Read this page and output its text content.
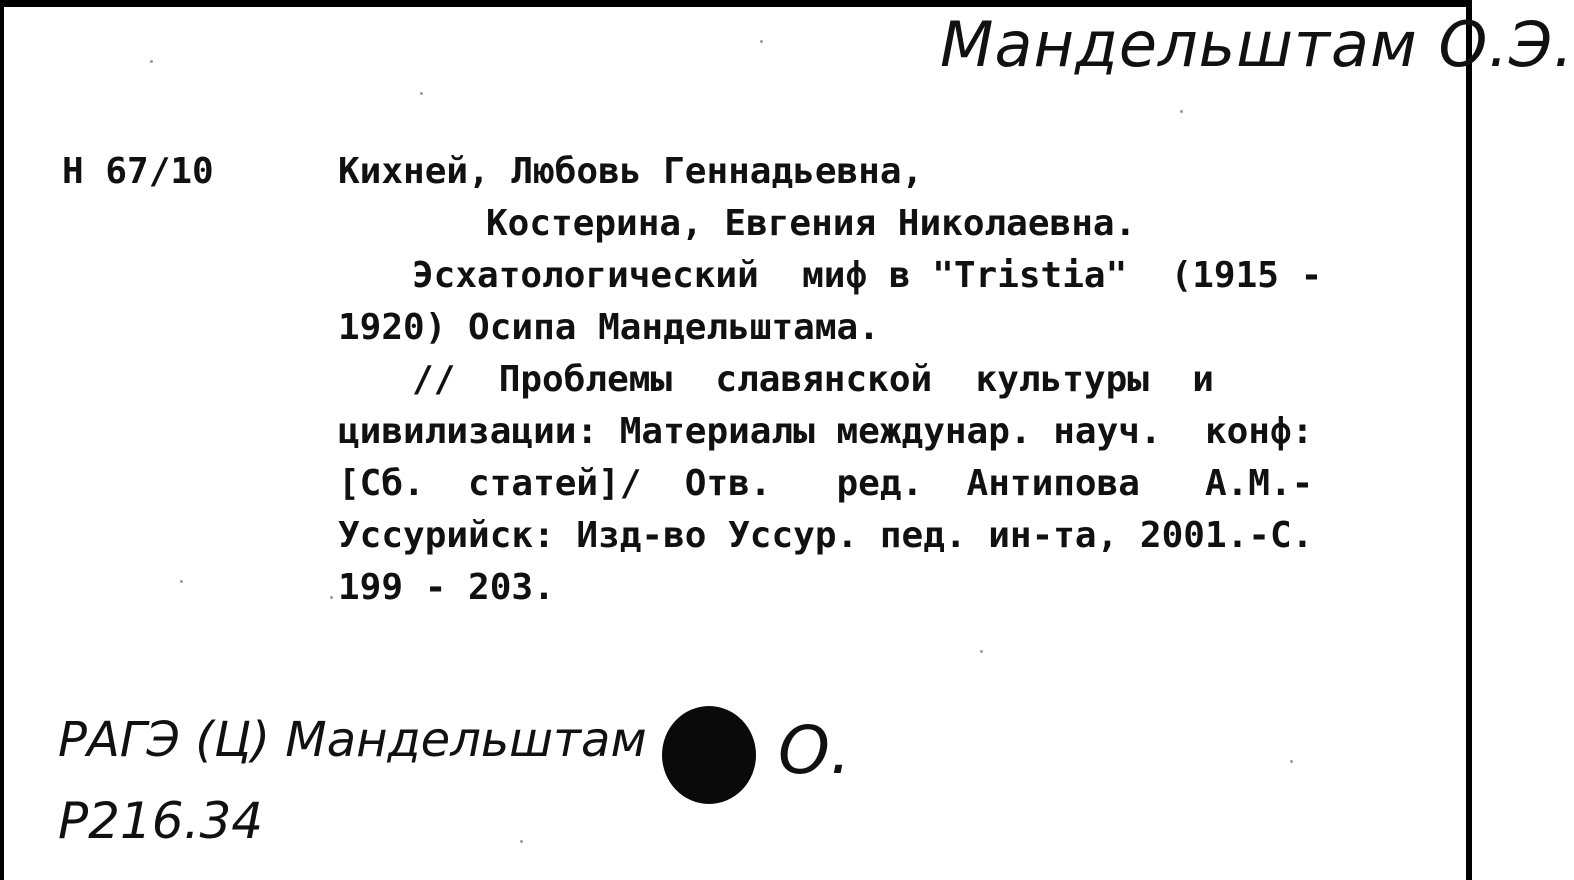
Мандельштам О.Э.
Н 67/10	Кихней, Любовь Геннадьевна,
Костерина, Евгения Николаевна.
Эсхатологический  миф в "Tristia"  (1915 -
1920) Осипа Мандельштама.
//  Проблемы  славянской  культуры  и
цивилизации: Материалы междунар. науч.  конф:
[Сб.  статей]/  Отв.   ред.  Антипова   А.М.-
Уссурийск: Изд-во Уссур. пед. ин-та, 2001.-С.
199 - 203.
РАГЭ (Ц) Мандельштам
Р216.34
О.
